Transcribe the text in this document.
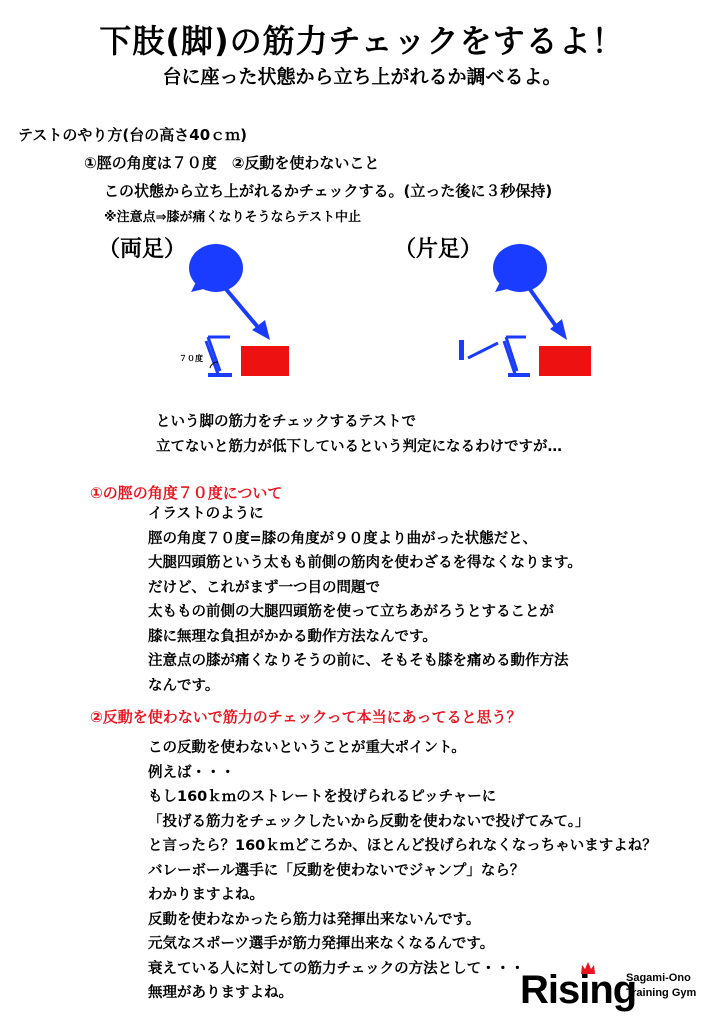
下肢(脚)の筋力チェックをするよ！
台に座った状態から立ち上がれるか調べるよ。
テストのやり方(台の高さ40ｃｍ)
①脛の角度は７０度　②反動を使わないこと
この状態から立ち上がれるかチェックする。(立った後に３秒保持)
※注意点⇒膝が痛くなりそうならテスト中止
（両足）	（片足）
７０度
という脚の筋力をチェックするテストで
立てないと筋力が低下しているという判定になるわけですが…
①の脛の角度７０度について
イラストのように
脛の角度７０度=膝の角度が９０度より曲がった状態だと、
大腿四頭筋という太もも前側の筋肉を使わざるを得なくなります。
だけど、これがまず一つ目の問題で
太ももの前側の大腿四頭筋を使って立ちあがろうとすることが
膝に無理な負担がかかる動作方法なんです。
注意点の膝が痛くなりそうの前に、そもそも膝を痛める動作方法
なんです。
②反動を使わないで筋力のチェックって本当にあってると思う？
この反動を使わないということが重大ポイント。
例えば・・・
もし160ｋｍのストレートを投げられるピッチャーに
「投げる筋力をチェックしたいから反動を使わないで投げてみて。」
と言ったら？160ｋｍどころか、ほとんど投げられなくなっちゃいますよね？
バレーボール選手に「反動を使わないでジャンプ」なら？
わかりますよね。
反動を使わなかったら筋力は発揮出来ないんです。
元気なスポーツ選手が筋力発揮出来なくなるんです。
衰えている人に対しての筋力チェックの方法として・・・
無理がありますよね。	Rising
Sagami-Ono
Training Gym
